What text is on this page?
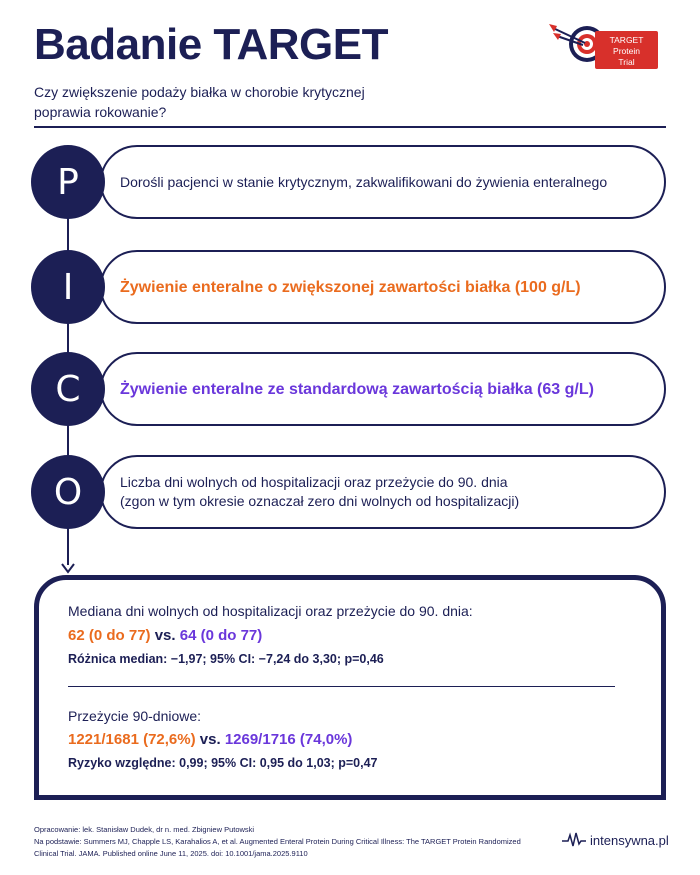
Badanie TARGET
Czy zwiększenie podaży białka w chorobie krytycznej poprawia rokowanie?
TARGET
Protein
Trial
Dorośli pacjenci w stanie krytycznym, zakwalifikowani do żywienia enteralnego
P
Żywienie enteralne o zwiększonej zawartości białka (100 g/L)
I
Żywienie enteralne ze standardową zawartością białka (63 g/L)
C
Liczba dni wolnych od hospitalizacji oraz przeżycie do 90. dnia
(zgon w tym okresie oznaczał zero dni wolnych od hospitalizacji)
O
Mediana dni wolnych od hospitalizacji oraz przeżycie do 90. dnia:
62 (0 do 77) vs. 64 (0 do 77)
Różnica median: −1,97; 95% CI: −7,24 do 3,30; p=0,46
Przeżycie 90-dniowe:
1221/1681 (72,6%) vs. 1269/1716 (74,0%)
Ryzyko względne: 0,99; 95% CI: 0,95 do 1,03; p=0,47
Opracowanie: lek. Stanisław Dudek, dr n. med. Zbigniew Putowski
Na podstawie: Summers MJ, Chapple LS, Karahalios A, et al. Augmented Enteral Protein During Critical Illness: The TARGET Protein Randomized
Clinical Trial. JAMA. Published online June 11, 2025. doi: 10.1001/jama.2025.9110
intensywna.pl
